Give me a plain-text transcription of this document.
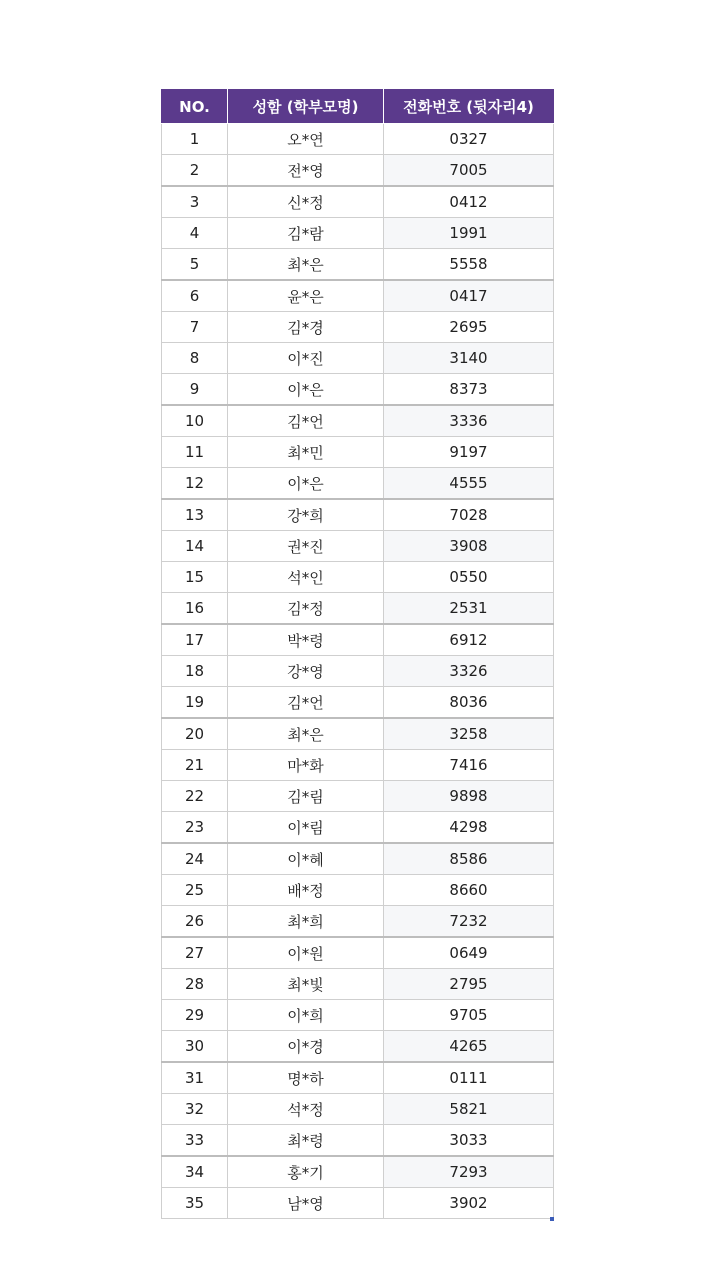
NO.	성함 (학부모명)	전화번호 (뒷자리4)
1	오*연	0327
2	전*영	7005
3	신*정	0412
4	김*람	1991
5	최*은	5558
6	윤*은	0417
7	김*경	2695
8	이*진	3140
9	이*은	8373
10	김*언	3336
11	최*민	9197
12	이*은	4555
13	강*희	7028
14	권*진	3908
15	석*인	0550
16	김*정	2531
17	박*령	6912
18	강*영	3326
19	김*언	8036
20	최*은	3258
21	마*화	7416
22	김*림	9898
23	이*림	4298
24	이*혜	8586
25	배*정	8660
26	최*희	7232
27	이*원	0649
28	최*빛	2795
29	이*희	9705
30	이*경	4265
31	명*하	0111
32	석*정	5821
33	최*령	3033
34	홍*기	7293
35	남*영	3902
